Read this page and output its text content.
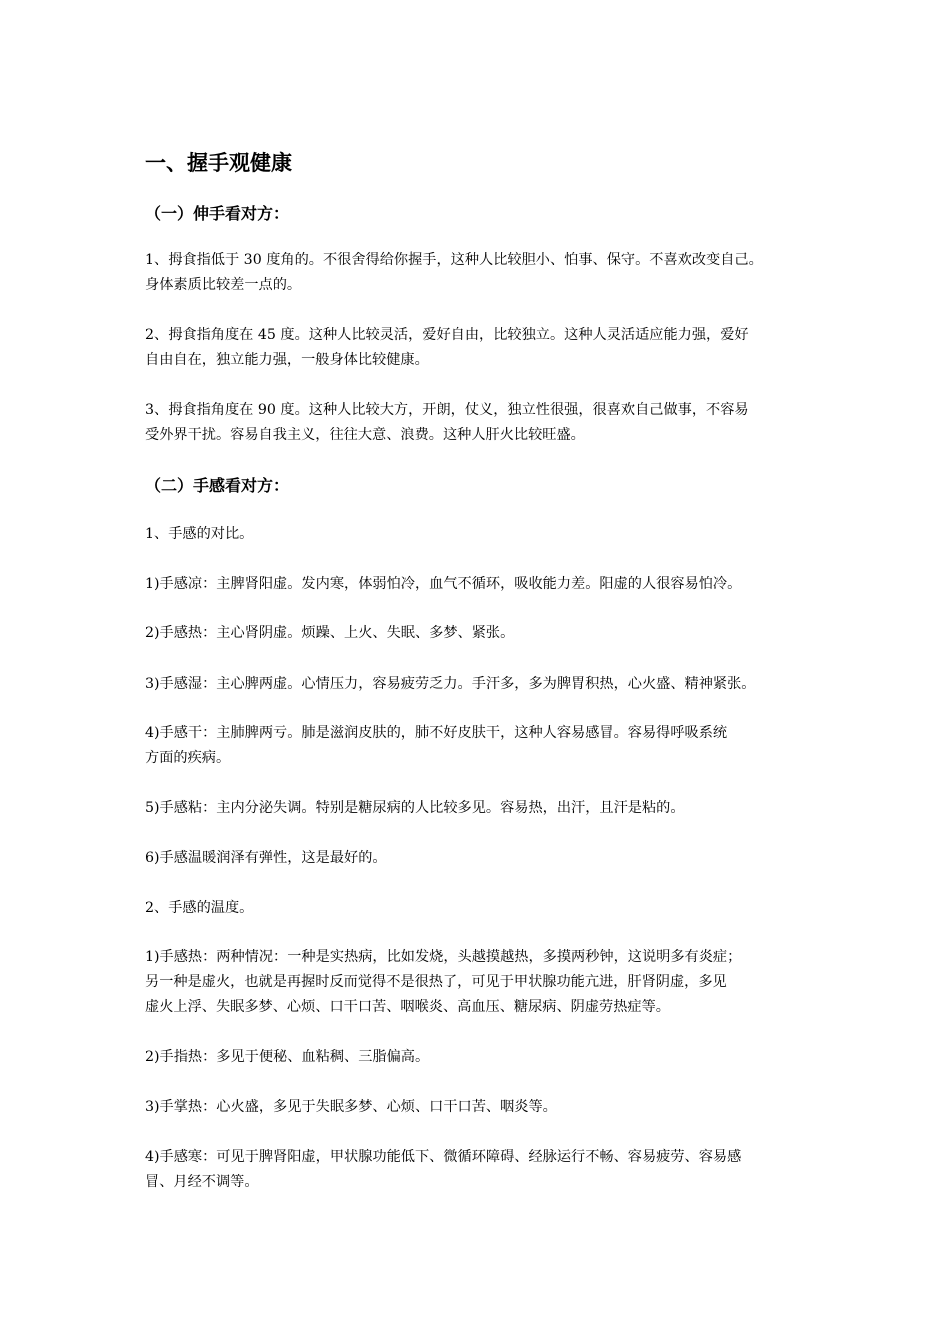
一、握手观健康
（一）伸手看对方：
1、拇食指低于 30 度角的。不很舍得给你握手，这种人比较胆小、怕事、保守。不喜欢改变自己。
身体素质比较差一点的。
2、拇食指角度在 45 度。这种人比较灵活，爱好自由，比较独立。这种人灵活适应能力强，爱好
自由自在，独立能力强，一般身体比较健康。
3、拇食指角度在 90 度。这种人比较大方，开朗，仗义，独立性很强，很喜欢自己做事，不容易
受外界干扰。容易自我主义，往往大意、浪费。这种人肝火比较旺盛。
（二）手感看对方：
1、手感的对比。
1)手感凉：主脾肾阳虚。发内寒，体弱怕冷，血气不循环，吸收能力差。阳虚的人很容易怕冷。
2)手感热：主心肾阴虚。烦躁、上火、失眠、多梦、紧张。
3)手感湿：主心脾两虚。心情压力，容易疲劳乏力。手汗多，多为脾胃积热，心火盛、精神紧张。
4)手感干：主肺脾两亏。肺是滋润皮肤的，肺不好皮肤干，这种人容易感冒。容易得呼吸系统
方面的疾病。
5)手感粘：主内分泌失调。特别是糖尿病的人比较多见。容易热，出汗，且汗是粘的。
6)手感温暖润泽有弹性，这是最好的。
2、手感的温度。
1)手感热：两种情况：一种是实热病，比如发烧，头越摸越热，多摸两秒钟，这说明多有炎症；
另一种是虚火，也就是再握时反而觉得不是很热了，可见于甲状腺功能亢进，肝肾阴虚，多见
虚火上浮、失眠多梦、心烦、口干口苦、咽喉炎、高血压、糖尿病、阴虚劳热症等。
2)手指热：多见于便秘、血粘稠、三脂偏高。
3)手掌热：心火盛，多见于失眠多梦、心烦、口干口苦、咽炎等。
4)手感寒：可见于脾肾阳虚，甲状腺功能低下、微循环障碍、经脉运行不畅、容易疲劳、容易感
冒、月经不调等。
